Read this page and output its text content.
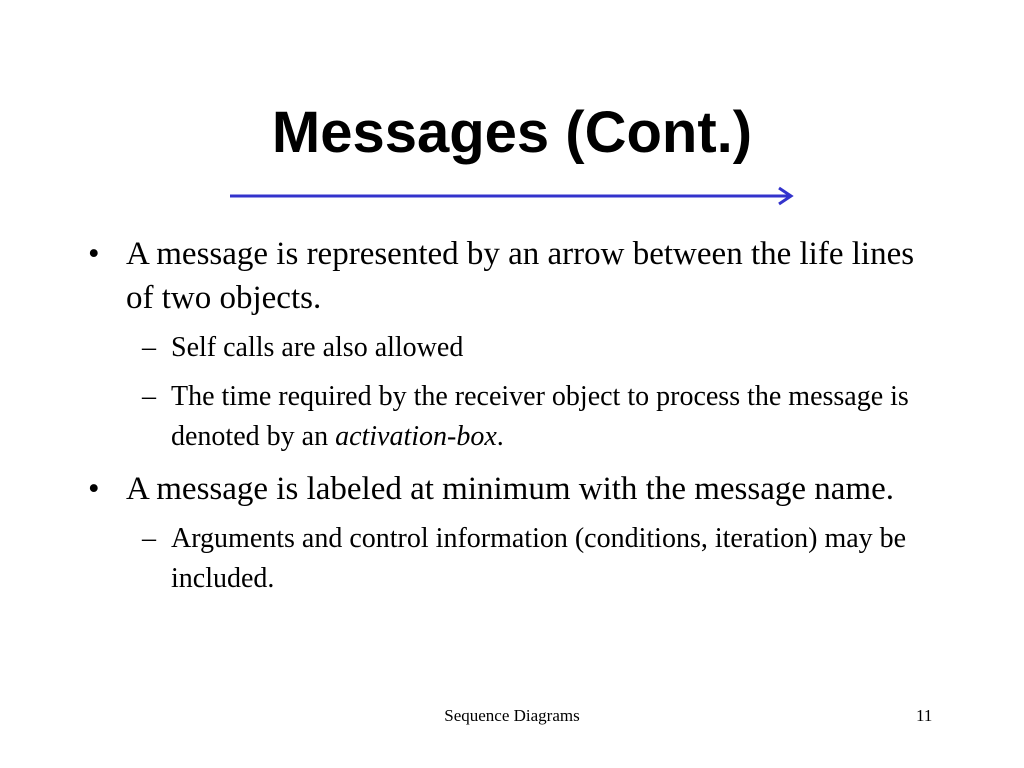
Messages (Cont.)
• A message is represented by an arrow between the life lines of two objects.
– Self calls are also allowed
– The time required by the receiver object to process the message is denoted by an activation-box.
• A message is labeled at minimum with the message name.
– Arguments and control information (conditions, iteration) may be included.
Sequence Diagrams	11
